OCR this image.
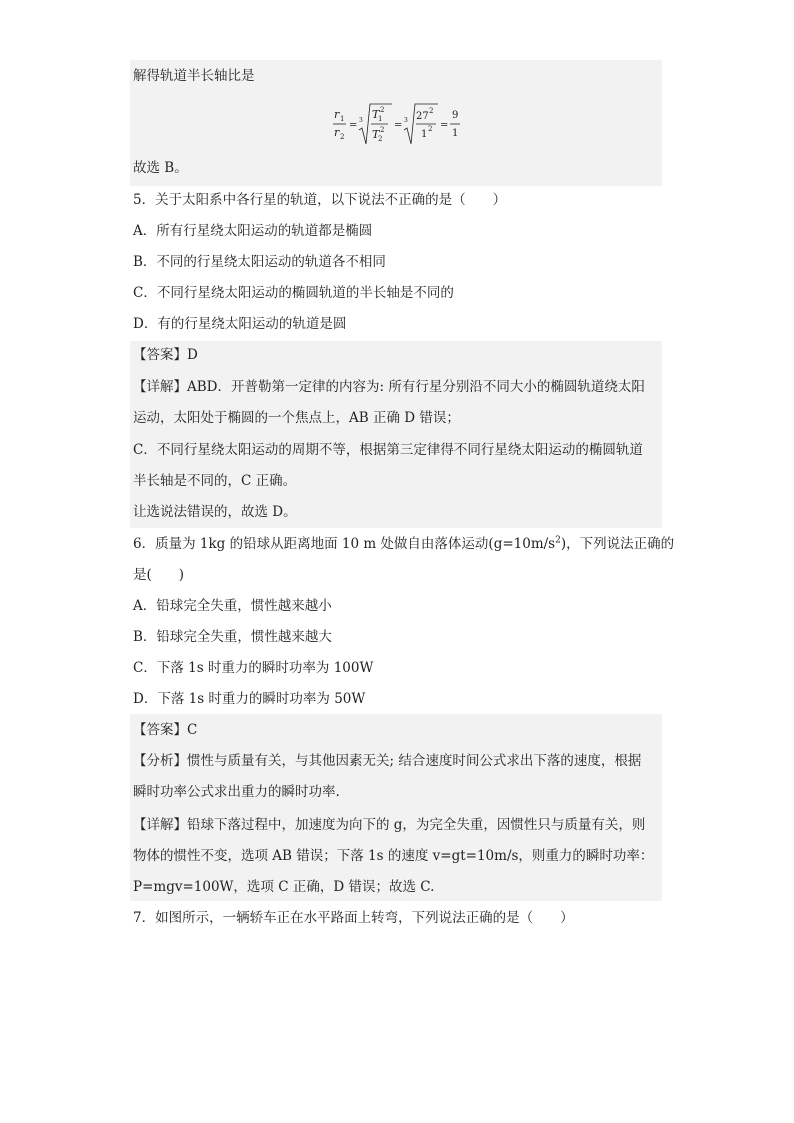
解得轨道半长轴比是
r 1
r 2
= 3 T
1
2
T
2
2 = 3 27 2
1 2 =
9
1
故选 B。
5．关于太阳系中各行星的轨道，以下说法不正确的是（　　）
A．所有行星绕太阳运动的轨道都是椭圆
B．不同的行星绕太阳运动的轨道各不相同
C．不同行星绕太阳运动的椭圆轨道的半长轴是不同的
D．有的行星绕太阳运动的轨道是圆
【答案】D
【详解】ABD．开普勒第一定律的内容为: 所有行星分别沿不同大小的椭圆轨道绕太阳
运动，太阳处于椭圆的一个焦点上，AB 正确 D 错误；
C．不同行星绕太阳运动的周期不等，根据第三定律得不同行星绕太阳运动的椭圆轨道
半长轴是不同的，C 正确。
让选说法错误的，故选 D。
6．质量为 1kg 的铅球从距离地面 10 m 处做自由落体运动$(g=10m/s^2)$，下列说法正确的
是(　　)
A．铅球完全失重，惯性越来越小
B．铅球完全失重，惯性越来越大
C．下落 1s 时重力的瞬时功率为 100W
D．下落 1s 时重力的瞬时功率为 50W
【答案】C
【分析】惯性与质量有关，与其他因素无关; 结合速度时间公式求出下落的速度，根据
瞬时功率公式求出重力的瞬时功率.
【详解】铅球下落过程中，加速度为向下的 g，为完全失重，因惯性只与质量有关，则
物体的惯性不变，选项 AB 错误；下落 1s 的速度 v=gt=10m/s，则重力的瞬时功率：
P=mgv=100W，选项 C 正确，D 错误；故选 C.
7．如图所示，一辆轿车正在水平路面上转弯，下列说法正确的是（　　）
